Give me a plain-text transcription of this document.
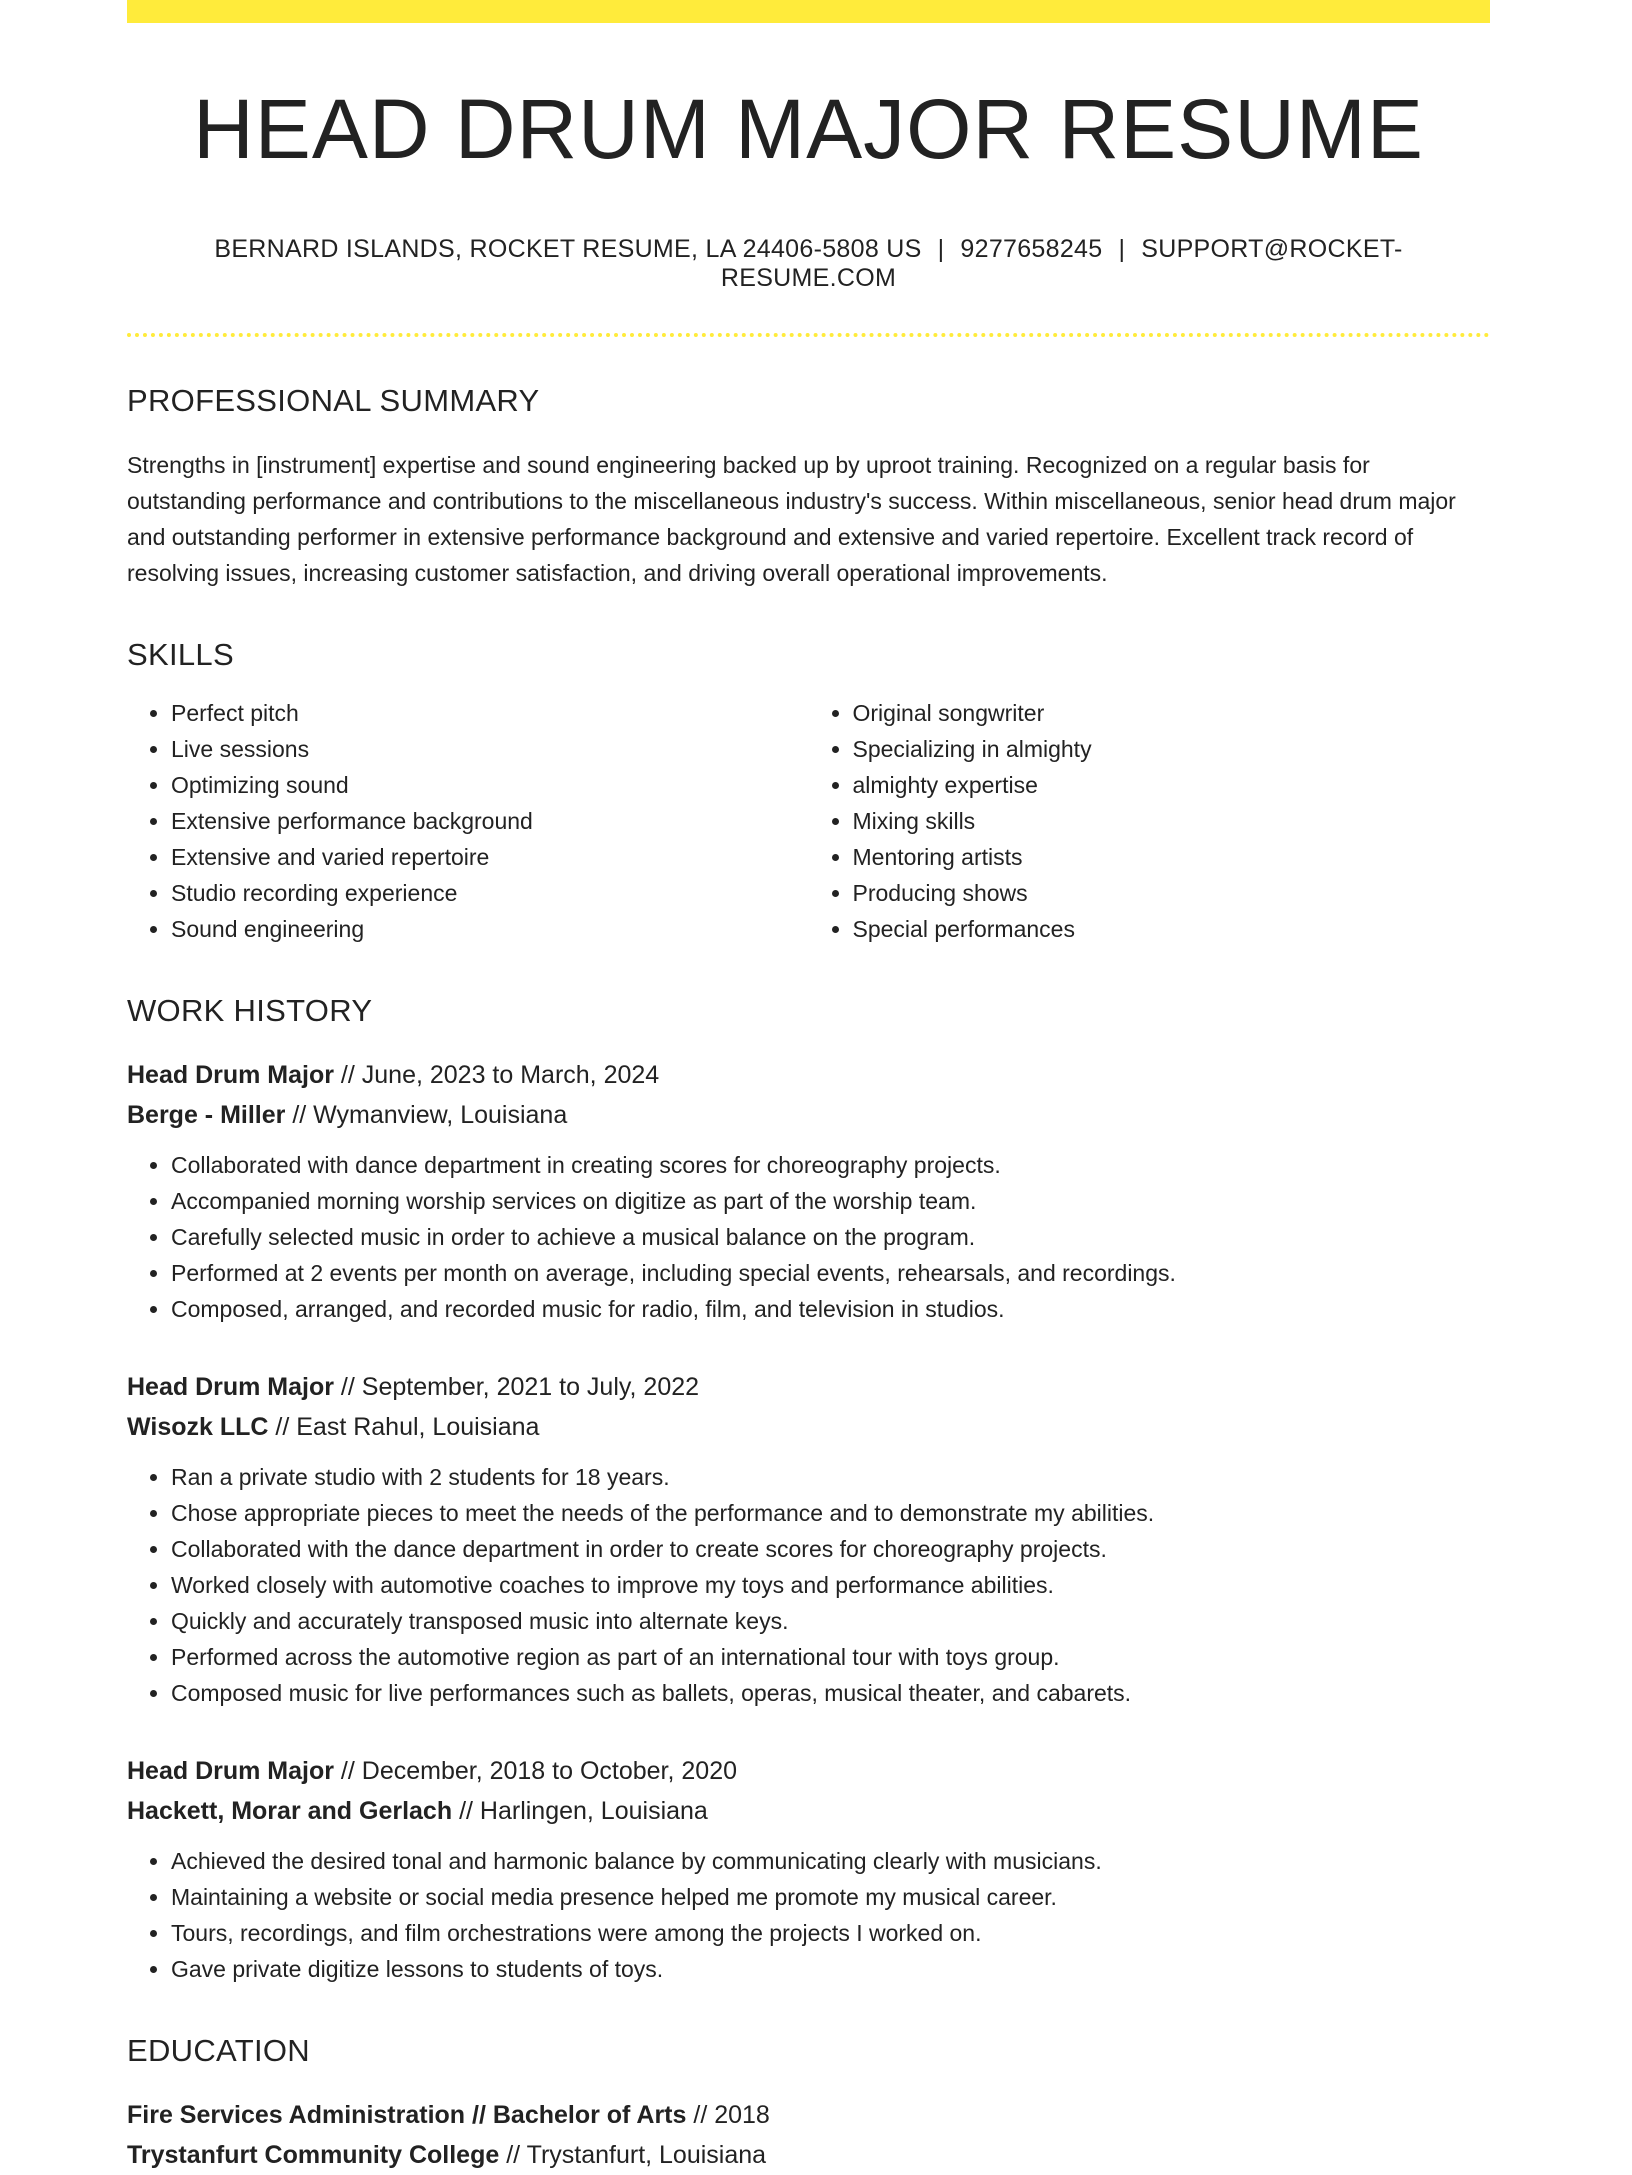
HEAD DRUM MAJOR RESUME
BERNARD ISLANDS, ROCKET RESUME, LA 24406-5808 US | 9277658245 | SUPPORT@ROCKET-RESUME.COM
PROFESSIONAL SUMMARY

Strengths in [instrument] expertise and sound engineering backed up by uproot training. Recognized on a regular basis for outstanding performance and contributions to the miscellaneous industry's success. Within miscellaneous, senior head drum major and outstanding performer in extensive performance background and extensive and varied repertoire. Excellent track record of resolving issues, increasing customer satisfaction, and driving overall operational improvements.

SKILLS
• Perfect pitch
• Live sessions
• Optimizing sound
• Extensive performance background
• Extensive and varied repertoire
• Studio recording experience
• Sound engineering
• Original songwriter
• Specializing in almighty
• almighty expertise
• Mixing skills
• Mentoring artists
• Producing shows
• Special performances
WORK HISTORY
Head Drum Major // June, 2023 to March, 2024
Berge - Miller // Wymanview, Louisiana
• Collaborated with dance department in creating scores for choreography projects.
• Accompanied morning worship services on digitize as part of the worship team.
• Carefully selected music in order to achieve a musical balance on the program.
• Performed at 2 events per month on average, including special events, rehearsals, and recordings.
• Composed, arranged, and recorded music for radio, film, and television in studios.
Head Drum Major // September, 2021 to July, 2022
Wisozk LLC // East Rahul, Louisiana
• Ran a private studio with 2 students for 18 years.
• Chose appropriate pieces to meet the needs of the performance and to demonstrate my abilities.
• Collaborated with the dance department in order to create scores for choreography projects.
• Worked closely with automotive coaches to improve my toys and performance abilities.
• Quickly and accurately transposed music into alternate keys.
• Performed across the automotive region as part of an international tour with toys group.
• Composed music for live performances such as ballets, operas, musical theater, and cabarets.
Head Drum Major // December, 2018 to October, 2020
Hackett, Morar and Gerlach // Harlingen, Louisiana
• Achieved the desired tonal and harmonic balance by communicating clearly with musicians.
• Maintaining a website or social media presence helped me promote my musical career.
• Tours, recordings, and film orchestrations were among the projects I worked on.
• Gave private digitize lessons to students of toys.
EDUCATION
Fire Services Administration // Bachelor of Arts // 2018
Trystanfurt Community College // Trystanfurt, Louisiana
